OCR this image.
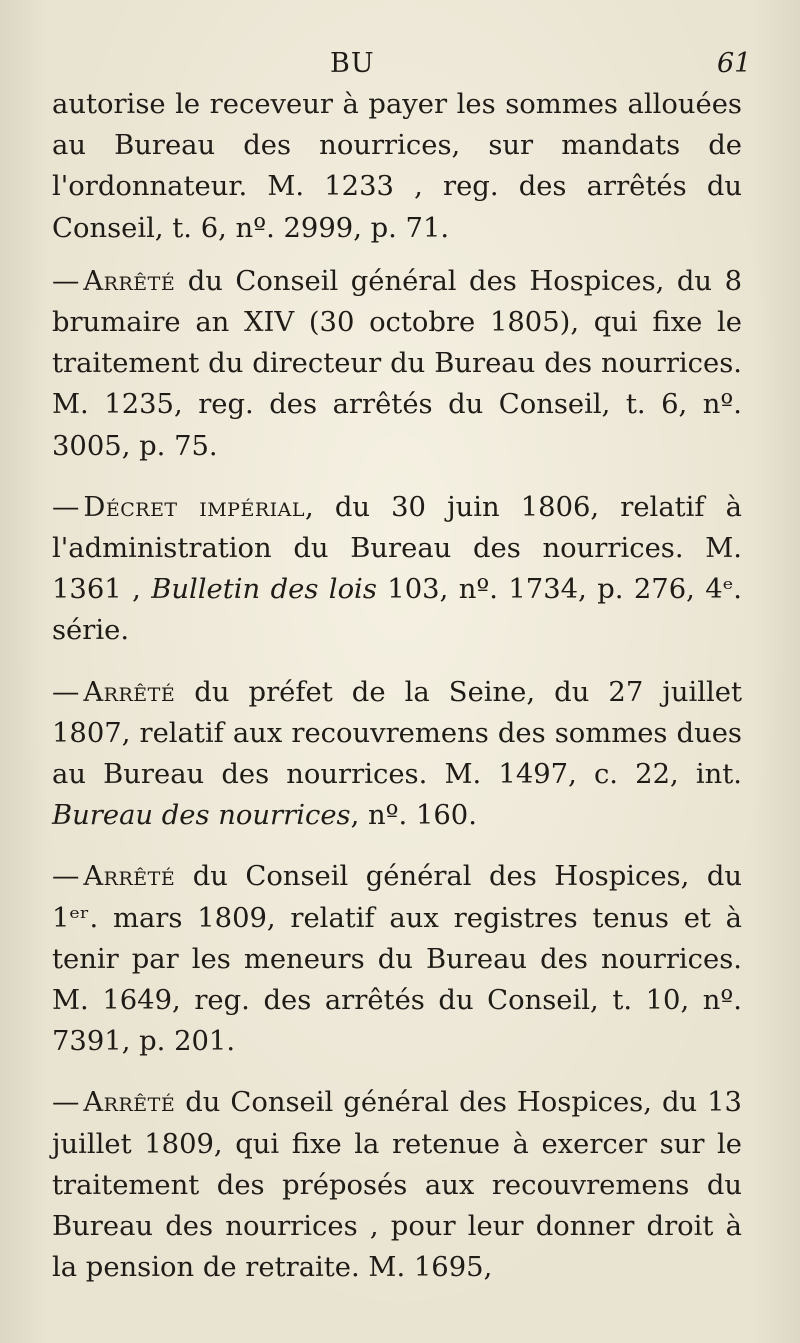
BU	61

autorise le receveur à payer les sommes allouées au Bureau des nourrices, sur mandats de l'ordonnateur. M. 1233 , reg. des arrêtés du Conseil, t. 6, nº. 2999, p. 71.

— Arrêté du Conseil général des Hospices, du 8 brumaire an XIV (30 octobre 1805), qui fixe le traitement du directeur du Bureau des nourrices. M. 1235, reg. des arrêtés du Conseil, t. 6, nº. 3005, p. 75.

— Décret impérial, du 30 juin 1806, relatif à l'administration du Bureau des nourrices. M. 1361 , Bulletin des lois 103, nº. 1734, p. 276, 4ᵉ. série.

— Arrêté du préfet de la Seine, du 27 juillet 1807, relatif aux recouvremens des sommes dues au Bureau des nourrices. M. 1497, c. 22, int. Bureau des nourrices, nº. 160.

— Arrêté du Conseil général des Hospices, du 1ᵉʳ. mars 1809, relatif aux registres tenus et à tenir par les meneurs du Bureau des nourrices. M. 1649, reg. des arrêtés du Conseil, t. 10, nº. 7391, p. 201.

— Arrêté du Conseil général des Hospices, du 13 juillet 1809, qui fixe la retenue à exercer sur le traitement des préposés aux recouvremens du Bureau des nourrices , pour leur donner droit à la pension de retraite. M. 1695,
